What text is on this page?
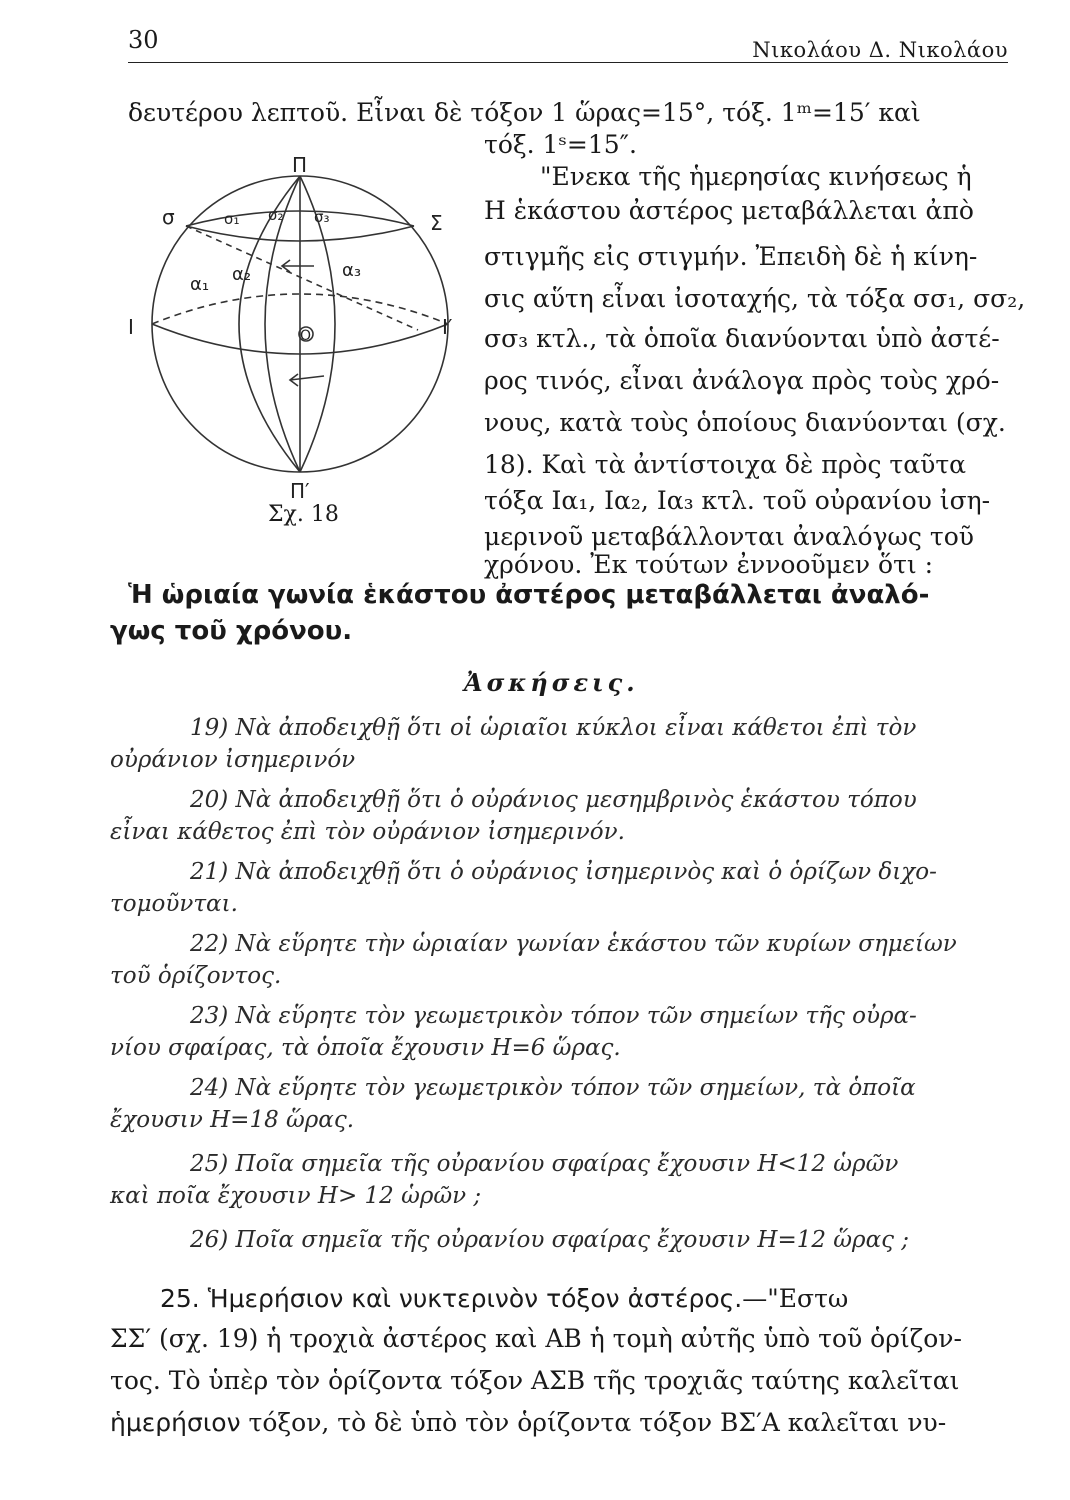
30	Νικολάου Δ. Νικολάου
δευτέρου λεπτοῦ. Εἶναι δὲ τόξον 1 ὥρας=15°, τόξ. 1ᵐ=15′ καὶ
τόξ. 1ˢ=15″.
Π
Π′
Ι	Ι′
σ	Σ
Ο
σ₁ σ₂ σ₃
α₁ α₂	α₃
Σχ. 18
"Ενεκα τῆς ἡμερησίας κινήσεως ἡ
Η ἑκάστου ἀστέρος μεταβάλλεται ἀπὸ
στιγμῆς εἰς στιγμήν. Ἐπειδὴ δὲ ἡ κίνη-
σις αὕτη εἶναι ἰσοταχής, τὰ τόξα σσ₁, σσ₂,
σσ₃ κτλ., τὰ ὁποῖα διανύονται ὑπὸ ἀστέ-
ρος τινός, εἶναι ἀνάλογα πρὸς τοὺς χρό-
νους, κατὰ τοὺς ὁποίους διανύονται (σχ.
18). Καὶ τὰ ἀντίστοιχα δὲ πρὸς ταῦτα
τόξα Ια₁, Ια₂, Ια₃ κτλ. τοῦ οὐρανίου ἰση-
μερινοῦ μεταβάλλονται ἀναλόγως τοῦ
χρόνου. Ἐκ τούτων ἐννοοῦμεν ὅτι :
Ἡ ὡριαία γωνία ἑκάστου ἀστέρος μεταβάλλεται ἀναλό-
γως τοῦ χρόνου.
Ἀσκήσεις.
19) Νὰ ἀποδειχθῇ ὅτι οἱ ὡριαῖοι κύκλοι εἶναι κάθετοι ἐπὶ τὸν
οὐράνιον ἰσημερινόν
20) Νὰ ἀποδειχθῇ ὅτι ὁ οὐράνιος μεσημβρινὸς ἑκάστου τόπου
εἶναι κάθετος ἐπὶ τὸν οὐράνιον ἰσημερινόν.
21) Νὰ ἀποδειχθῇ ὅτι ὁ οὐράνιος ἰσημερινὸς καὶ ὁ ὁρίζων διχο-
τομοῦνται.
22) Νὰ εὕρητε τὴν ὡριαίαν γωνίαν ἑκάστου τῶν κυρίων σημείων
τοῦ ὁρίζοντος.
23) Νὰ εὕρητε τὸν γεωμετρικὸν τόπον τῶν σημείων τῆς οὐρα-
νίου σφαίρας, τὰ ὁποῖα ἔχουσιν Η=6 ὥρας.
24) Νὰ εὕρητε τὸν γεωμετρικὸν τόπον τῶν σημείων, τὰ ὁποῖα
ἔχουσιν Η=18 ὥρας.
25) Ποῖα σημεῖα τῆς οὐρανίου σφαίρας ἔχουσιν Η<12 ὡρῶν
καὶ ποῖα ἔχουσιν Η> 12 ὡρῶν ;
26) Ποῖα σημεῖα τῆς οὐρανίου σφαίρας ἔχουσιν Η=12 ὥρας ;
25. Ἡμερήσιον καὶ νυκτερινὸν τόξον ἀστέρος.—"Εστω
ΣΣ′ (σχ. 19) ἡ τροχιὰ ἀστέρος καὶ ΑΒ ἡ τομὴ αὐτῆς ὑπὸ τοῦ ὁρίζον-
τος. Τὸ ὑπὲρ τὸν ὁρίζοντα τόξον ΑΣΒ τῆς τροχιᾶς ταύτης καλεῖται
ἡμερήσιον τόξον, τὸ δὲ ὑπὸ τὸν ὁρίζοντα τόξον ΒΣ′Α καλεῖται νυ-
